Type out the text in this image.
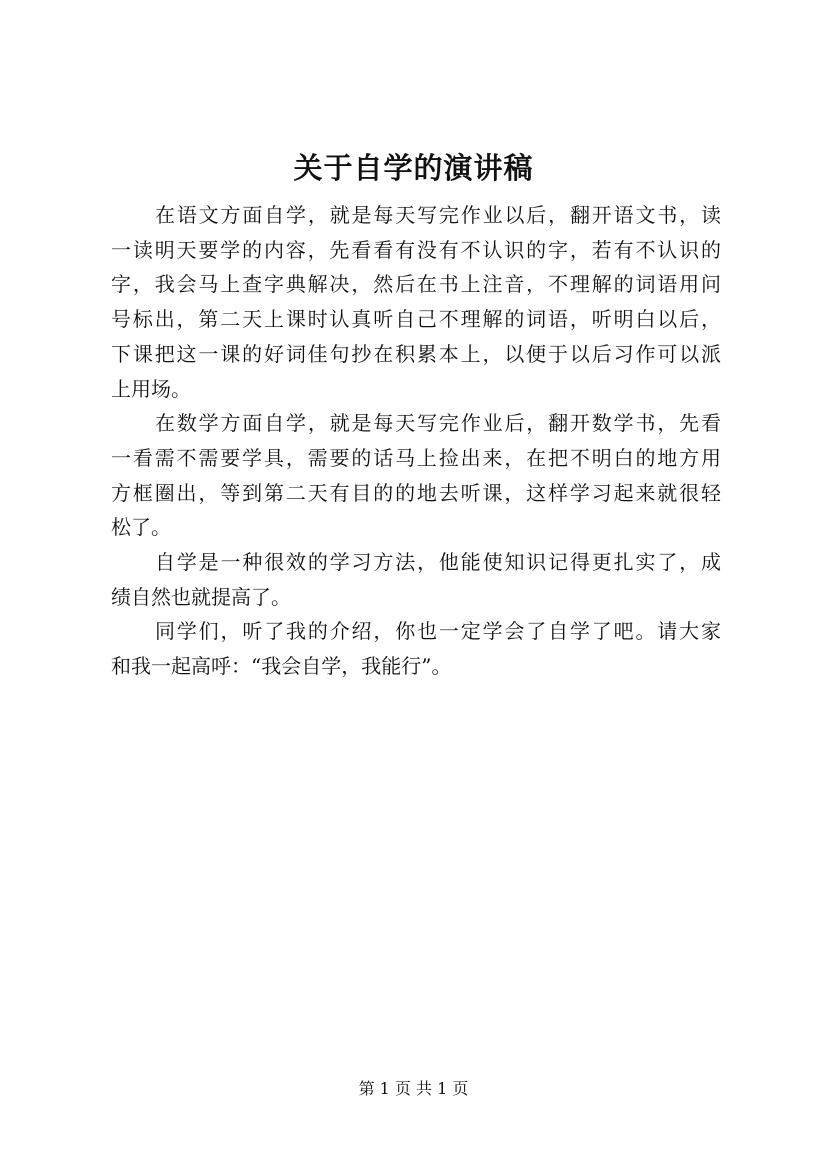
关于自学的演讲稿
在语文方面自学，就是每天写完作业以后，翻开语文书，读
一读明天要学的内容，先看看有没有不认识的字，若有不认识的
字，我会马上查字典解决，然后在书上注音，不理解的词语用问
号标出，第二天上课时认真听自己不理解的词语，听明白以后，
下课把这一课的好词佳句抄在积累本上，以便于以后习作可以派
上用场。
在数学方面自学，就是每天写完作业后，翻开数学书，先看
一看需不需要学具，需要的话马上捡出来，在把不明白的地方用
方框圈出，等到第二天有目的的地去听课，这样学习起来就很轻
松了。
自学是一种很效的学习方法，他能使知识记得更扎实了，成
绩自然也就提高了。
同学们，听了我的介绍，你也一定学会了自学了吧。请大家
和我一起高呼：“我会自学，我能行”。
第 1 页 共 1 页
